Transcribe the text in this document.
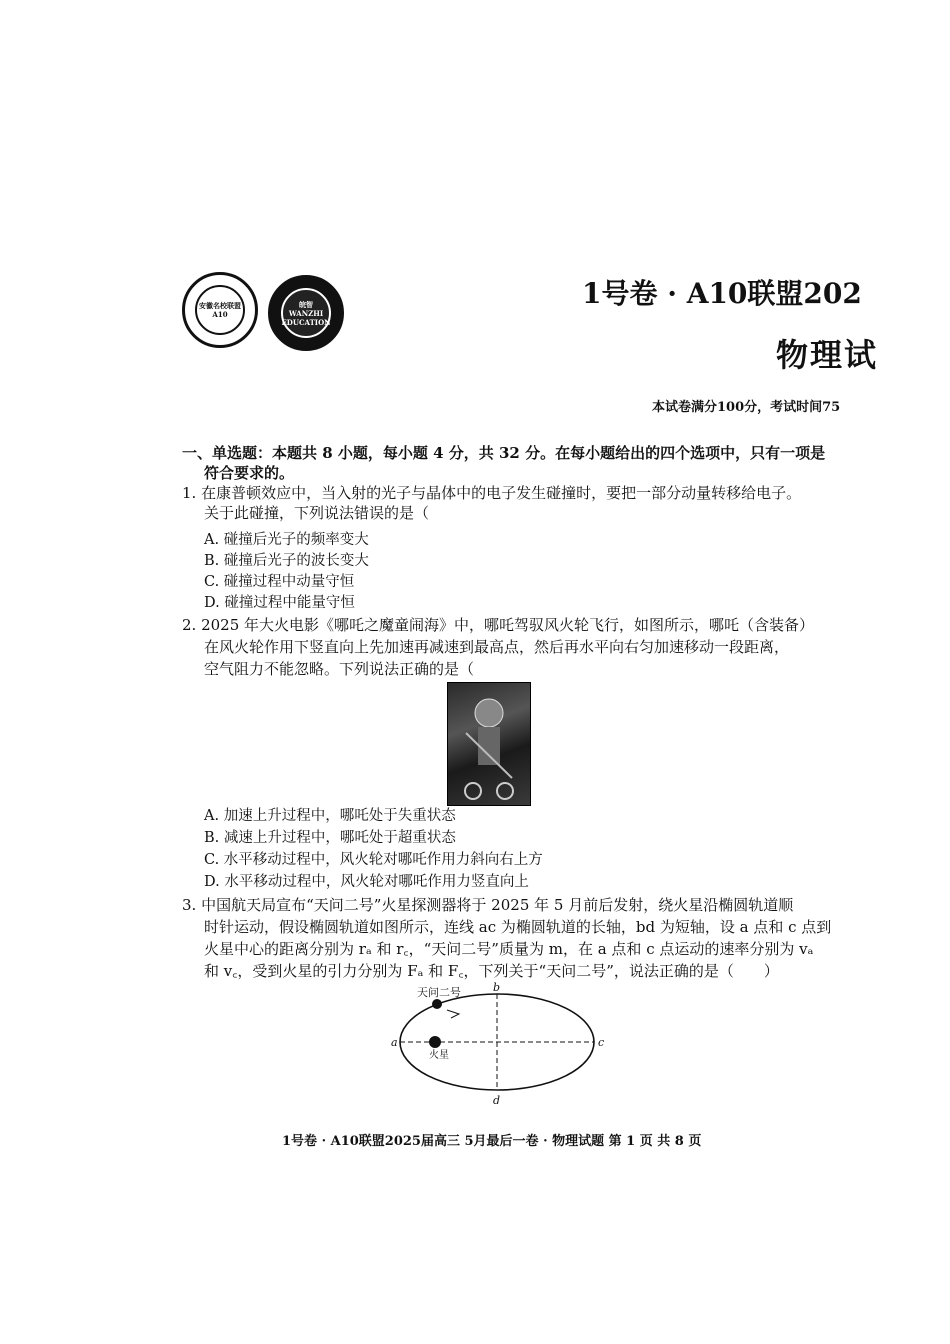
安徽名校联盟 A10
皖智 WANZHI EDUCATION
1号卷 · A10联盟202
物理试
本试卷满分100分，考试时间75
一、单选题：本题共 8 小题，每小题 4 分，共 32 分。在每小题给出的四个选项中，只有一项是
符合要求的。
1. 在康普顿效应中，当入射的光子与晶体中的电子发生碰撞时，要把一部分动量转移给电子。
关于此碰撞，下列说法错误的是（
A. 碰撞后光子的频率变大
B. 碰撞后光子的波长变大
C. 碰撞过程中动量守恒
D. 碰撞过程中能量守恒
2. 2025 年大火电影《哪吒之魔童闹海》中，哪吒驾驭风火轮飞行，如图所示，哪吒（含装备）
在风火轮作用下竖直向上先加速再减速到最高点，然后再水平向右匀加速移动一段距离，
空气阻力不能忽略。下列说法正确的是（
A. 加速上升过程中，哪吒处于失重状态
B. 减速上升过程中，哪吒处于超重状态
C. 水平移动过程中，风火轮对哪吒作用力斜向右上方
D. 水平移动过程中，风火轮对哪吒作用力竖直向上
3. 中国航天局宣布“天问二号”火星探测器将于 2025 年 5 月前后发射，绕火星沿椭圆轨道顺
时针运动，假设椭圆轨道如图所示，连线 ac 为椭圆轨道的长轴，bd 为短轴，设 a 点和 c 点到
火星中心的距离分别为 rₐ 和 r꜀，“天问二号”质量为 m，在 a 点和 c 点运动的速率分别为 vₐ
和 v꜀，受到火星的引力分别为 Fₐ 和 F꜀，下列关于“天问二号”，说法正确的是（　　）
天问二号
火星
a
b
c
d
1号卷 · A10联盟2025届高三 5月最后一卷 · 物理试题 第 1 页 共 8 页
